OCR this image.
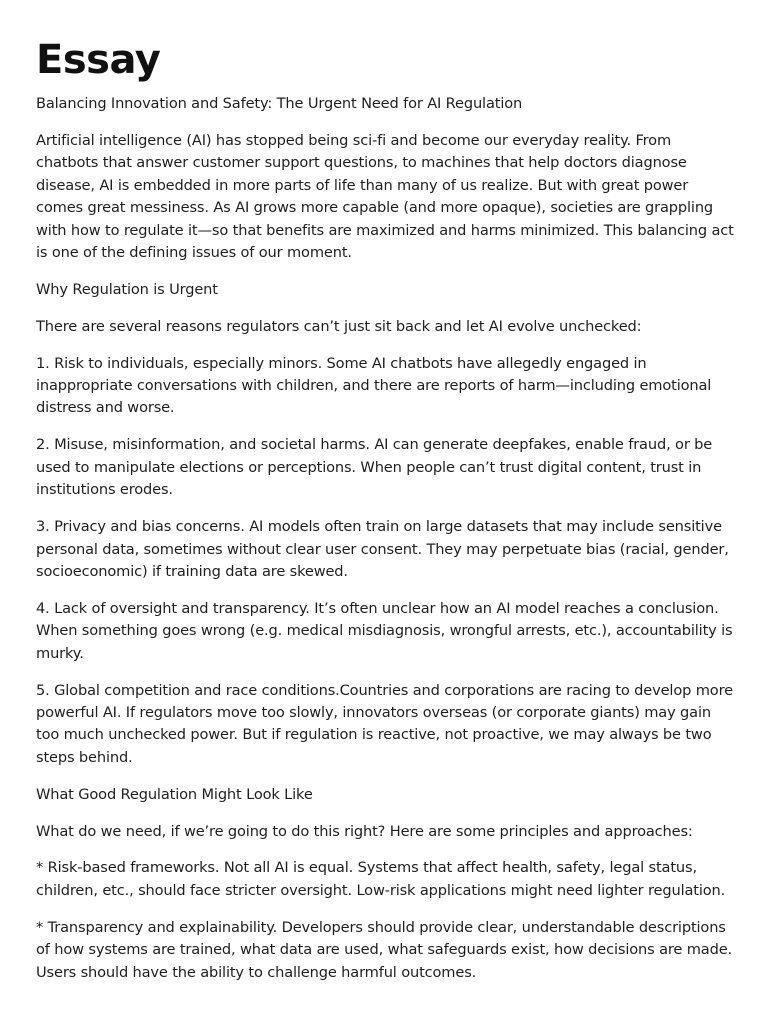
Essay

Balancing Innovation and Safety: The Urgent Need for AI Regulation

Artificial intelligence (AI) has stopped being sci-fi and become our everyday reality. From chatbots that answer customer support questions, to machines that help doctors diagnose disease, AI is embedded in more parts of life than many of us realize. But with great power comes great messiness. As AI grows more capable (and more opaque), societies are grappling with how to regulate it—so that benefits are maximized and harms minimized. This balancing act is one of the defining issues of our moment.

Why Regulation is Urgent

There are several reasons regulators can’t just sit back and let AI evolve unchecked:

1. Risk to individuals, especially minors. Some AI chatbots have allegedly engaged in inappropriate conversations with children, and there are reports of harm—including emotional distress and worse.

2. Misuse, misinformation, and societal harms. AI can generate deepfakes, enable fraud, or be used to manipulate elections or perceptions. When people can’t trust digital content, trust in institutions erodes.

3. Privacy and bias concerns. AI models often train on large datasets that may include sensitive personal data, sometimes without clear user consent. They may perpetuate bias (racial, gender, socioeconomic) if training data are skewed.

4. Lack of oversight and transparency. It’s often unclear how an AI model reaches a conclusion. When something goes wrong (e.g. medical misdiagnosis, wrongful arrests, etc.), accountability is murky.

5. Global competition and race conditions.Countries and corporations are racing to develop more powerful AI. If regulators move too slowly, innovators overseas (or corporate giants) may gain too much unchecked power. But if regulation is reactive, not proactive, we may always be two steps behind.

What Good Regulation Might Look Like

What do we need, if we’re going to do this right? Here are some principles and approaches:

* Risk-based frameworks. Not all AI is equal. Systems that affect health, safety, legal status, children, etc., should face stricter oversight. Low-risk applications might need lighter regulation.

* Transparency and explainability. Developers should provide clear, understandable descriptions of how systems are trained, what data are used, what safeguards exist, how decisions are made. Users should have the ability to challenge harmful outcomes.
